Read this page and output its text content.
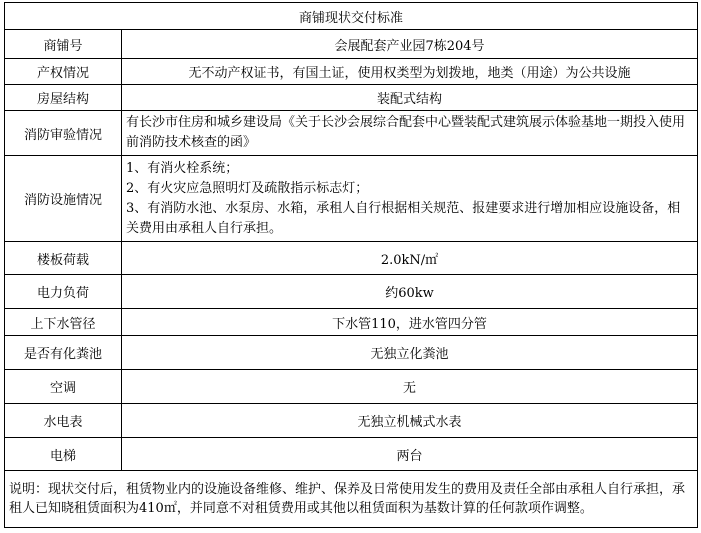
商铺现状交付标准	
商铺号	会展配套产业园7栋204号
产权情况	无不动产权证书，有国土证，使用权类型为划拨地，地类（用途）为公共设施
房屋结构	装配式结构
消防审验情况	有长沙市住房和城乡建设局《关于长沙会展综合配套中心暨装配式建筑展示体验基地一期投入使用前消防技术核查的函》
消防设施情况	1、有消火栓系统；
2、有火灾应急照明灯及疏散指示标志灯；
3、有消防水池、水泵房、水箱，承租人自行根据相关规范、报建要求进行增加相应设施设备，相关费用由承租人自行承担。

楼板荷载	2.0kN/㎡
电力负荷	约60kw
上下水管径	下水管110，进水管四分管
是否有化粪池	无独立化粪池
空调	无
水电表	无独立机械式水表
电梯	两台
说明：现状交付后，租赁物业内的设施设备维修、维护、保养及日常使用发生的费用及责任全部由承租人自行承担，承租人已知晓租赁面积为410㎡，并同意不对租赁费用或其他以租赁面积为基数计算的任何款项作调整。	
